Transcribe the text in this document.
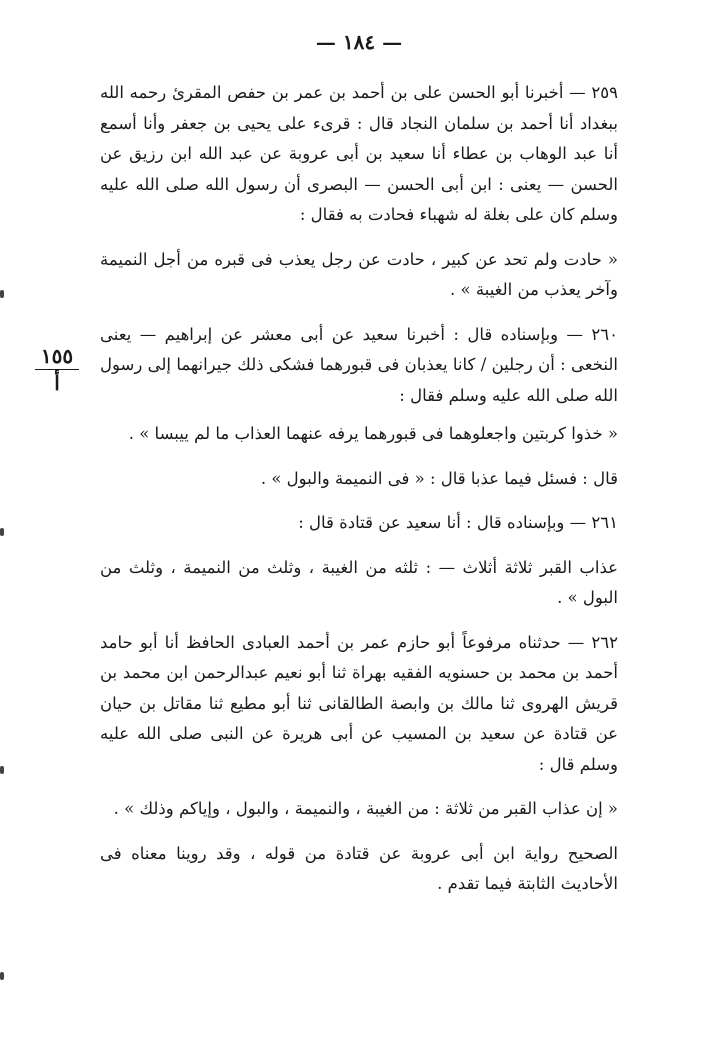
— ١٨٤ —
١٥٥
أ

٢٥٩ — أخبرنا أبو الحسن على بن أحمد بن عمر بن حفص المقرئ رحمه الله ببغداد أنا أحمد بن سلمان النجاد قال : قرىء على يحيى بن جعفر وأنا أسمع أنا عبد الوهاب بن عطاء أنا سعيد بن أبى عروبة عن عبد الله ابن رزيق عن الحسن — يعنى : ابن أبى الحسن — البصرى أن رسول الله صلى الله عليه وسلم كان على بغلة له شهباء فحادت به فقال :

« حادت ولم تحد عن كبير ، حادت عن رجل يعذب فى قبره من أجل النميمة وآخر يعذب من الغيبة » .

٢٦٠ — وبإسناده قال : أخبرنا سعيد عن أبى معشر عن إبراهيم — يعنى النخعى : أن رجلين / كانا يعذبان فى قبورهما فشكى ذلك جيرانهما إلى رسول الله صلى الله عليه وسلم فقال :

« خذوا كربتين واجعلوهما فى قبورهما يرفه عنهما العذاب ما لم ييبسا » .

قال : فسئل فيما عذبا قال : « فى النميمة والبول » .

٢٦١ — وبإسناده قال : أنا سعيد عن قتادة قال :

عذاب القبر ثلاثة أثلاث — : ثلثه من الغيبة ، وثلث من النميمة ، وثلث من البول » .

٢٦٢ — حدثناه مرفوعاً أبو حازم عمر بن أحمد العبادى الحافظ أنا أبو حامد أحمد بن محمد بن حسنويه الفقيه بهراة ثنا أبو نعيم عبدالرحمن ابن محمد بن قريش الهروى ثنا مالك بن وابصة الطالقانى ثنا أبو مطيع ثنا مقاتل بن حيان عن قتادة عن سعيد بن المسيب عن أبى هريرة عن النبى صلى الله عليه وسلم قال :

« إن عذاب القبر من ثلاثة : من الغيبة ، والنميمة ، والبول ، وإياكم وذلك » .

الصحيح رواية ابن أبى عروبة عن قتادة من قوله ، وقد روينا معناه فى الأحاديث الثابتة فيما تقدم .
